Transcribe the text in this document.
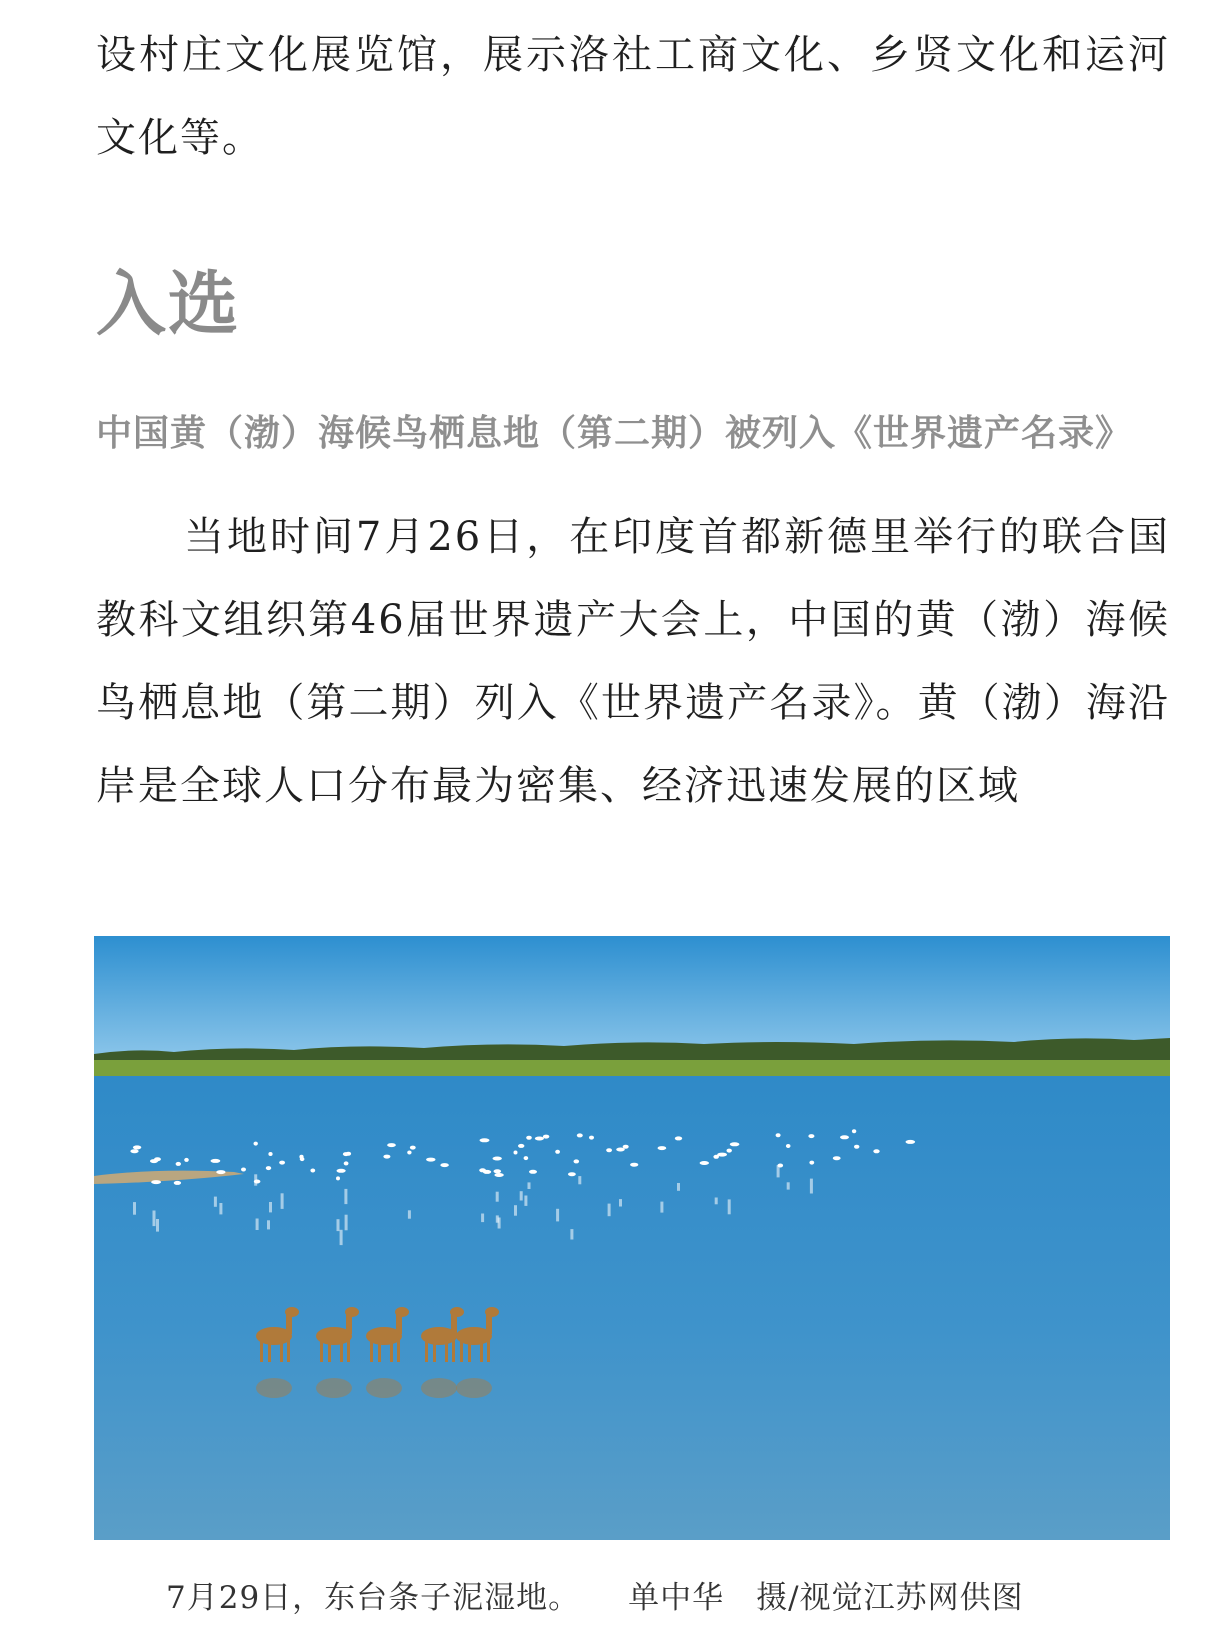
设村庄文化展览馆，展示洛社工商文化、乡贤文化和运河文化等。

入选
中国黄（渤）海候鸟栖息地（第二期）被列入《世界遗产名录》

当地时间7月26日，在印度首都新德里举行的联合国教科文组织第46届世界遗产大会上，中国的黄（渤）海候鸟栖息地（第二期）列入《世界遗产名录》。黄（渤）海沿岸是全球人口分布最为密集、经济迅速发展的区域

7月29日，东台条子泥湿地。 单中华　摄/视觉江苏网供图
